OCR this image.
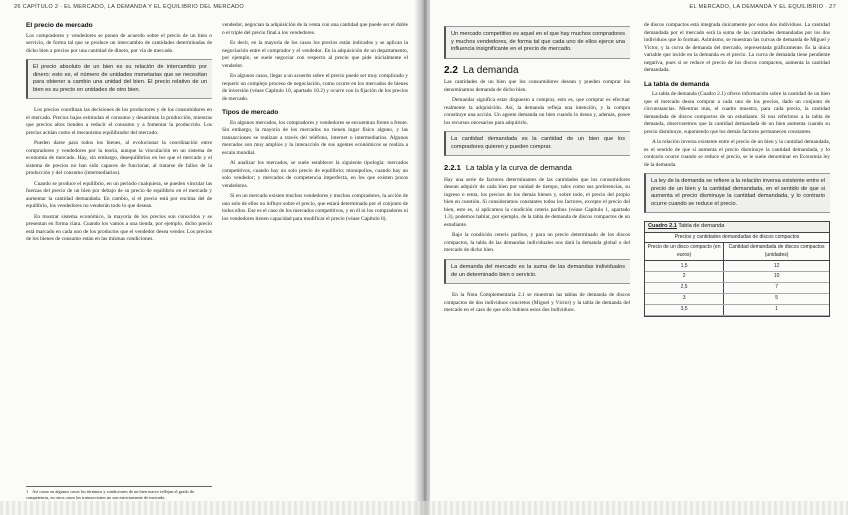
26 CAPÍTULO 2 · EL MERCADO, LA DEMANDA Y EL EQUILIBRIO DEL MERCADO
El precio de mercado

Los compradores y vendedores se ponen de acuerdo sobre el precio de un bien o servicio, de forma tal que se produce un intercambio de cantidades determinadas de dicho bien a precios por una cantidad de dinero, por vía de mercado.

El precio absoluto de un bien es su relación de intercambio por dinero; esto es, el número de unidades monetarias que se necesitan para obtener a cambio una unidad del bien. El precio relativo de un bien es su precio en unidades de otro bien.

Los precios coordinan las decisiones de los productores y de los consumidores en el mercado. Precios bajos estimulan el consumo y desaniman la producción, mientras que precios altos tienden a reducir el consumo y a fomentar la producción. Los precios actúan como el mecanismo equilibrador del mercado.

Pueden darse para todos los bienes, al evolucionar la coordinación entre compradores y vendedores por la teoría, aunque la vinculación en un sistema de economía de mercado. Hay, sin embargo, desequilibrios en los que el mercado y el sistema de precios no han sido capaces de funcionar, al tratarse de fallos de la producción y del consumo (intermediarios).

Cuando se produce el equilibrio, en un periodo cualquiera, se pueden vincular las fuerzas del precio de un bien por debajo de su precio de equilibrio en el mercado y aumentar la cantidad demandada. En cambio, si el precio está por encima del de equilibrio, los vendedores no venderán todo lo que desean.

En mostrar sistema económico, la mayoría de los precios son conocidos y se presentan en forma clara. Cuando los vamos a una tienda, por ejemplo, dicho precio está marcado en cada uno de los productos que el vendedor desea vender. Los precios de los bienes de consumo están en las mismas condiciones.

vendedor, negocian la adquisición de la venta con una cantidad que puede ser el doble o el triple del precio final a los vendedores.

Es decir, en la mayoría de los casos los precios están indicados y se aplican la negociación entre el comprador y el vendedor. En la adquisición de un departamento, por ejemplo, se suele negociar con respecto al precio que pide inicialmente el vendedor.

En algunos casos, llegar a un acuerdo sobre el precio puede ser muy complicado y requerir un complejo proceso de negociación, como ocurre en los mercados de bienes de inversión (véase Capítulo 10, apartado 10.2) y ocurre con la fijación de los precios de mercado.

Tipos de mercado

En algunos mercados, los compradores y vendedores se encuentran frente a frente. Sin embargo, la mayoría de los mercados no tienen lugar físico alguno, y las transacciones se realizan a través del teléfono, internet o intermediarios. Algunos mercados son muy amplios y la interacción de sus agentes económicos se realiza a escala mundial.

Al analizar los mercados, se suele establecer la siguiente tipología: mercados competitivos, cuando hay un solo precio de equilibrio; monopolios, cuando hay un solo vendedor; y mercados de competencia imperfecta, en los que existen pocos vendedores.

Si en un mercado existen muchos vendedores y muchos compradores, la acción de uno solo de ellos no influye sobre el precio, que estará determinado por el conjunto de todos ellos. Ese es el caso de los mercados competitivos, y en él ni los compradores ni los vendedores tienen capacidad para modificar el precio (véase Capítulo 6).

1 Así como en algunos casos los términos y condiciones de un bien nuevo reflejan el grado de competencia, en otros casos las transacciones no son estrictamente de mercado.
EL MERCADO, LA DEMANDA Y EL EQUILIBRIO · 27
Un mercado competitivo es aquel en el que hay muchos compradores y muchos vendedores, de forma tal que cada uno de ellos ejerce una influencia insignificante en el precio de mercado.
2.2 La demanda

Las cantidades de un bien que los consumidores desean y pueden comprar los denominamos demanda de dicho bien.

Demandar significa estar dispuesto a comprar, esto es, que comprar es efectuar realmente la adquisición. Así, la demanda refleja una intención, y la compra constituye una acción. Un agente demanda un bien cuando lo desea y, además, posee los recursos necesarios para adquirirlo.

La cantidad demandada es la cantidad de un bien que los compradores quieren y pueden comprar.
2.2.1 La tabla y la curva de demanda

Hay una serie de factores determinantes de las cantidades que los consumidores desean adquirir de cada bien por unidad de tiempo, tales como sus preferencias, su ingreso o renta, los precios de los demás bienes y, sobre todo, el precio del propio bien en cuestión. Si consideramos constantes todos los factores, excepto el precio del bien, esto es, si aplicamos la condición ceteris paribus (véase Capítulo 1, apartado 1.3), podemos hablar, por ejemplo, de la tabla de demanda de discos compactos de un estudiante.

Bajo la condición ceteris paribus, y para un precio determinado de los discos compactos, la tabla de las demandas individuales nos dará la demanda global o del mercado de dicho bien.

La demanda del mercado es la suma de las demandas individuales de un determinado bien o servicio.

En la Nota Complementaria 2.1 se muestran las tablas de demanda de discos compactos de dos individuos concretos (Miguel y Víctor) y la tabla de demanda del mercado en el caso de que sólo hubiera estos dos individuos.

de discos compactos está integrada únicamente por estos dos individuos. La cantidad demandada por el mercado será la suma de las cantidades demandadas por los dos individuos que lo forman. Asimismo, se muestran las curvas de demanda de Miguel y Víctor, y la curva de demanda del mercado, representada gráficamente. Es la única variable que incide en la demanda es el precio. La curva de demanda tiene pendiente negativa, pues si se reduce el precio de los discos compactos, aumenta la cantidad demandada.

La tabla de demanda

La tabla de demanda (Cuadro 2.1) ofrece información sobre la cantidad de un bien que el mercado desea comprar a cada uno de los precios, dado un conjunto de circunstancias. Mientras más, el cuadro muestra, para cada precio, la cantidad demandada de discos compactos de un estudiante. Si nos referimos a la tabla de demanda, observaremos que la cantidad demandada de un bien aumenta cuando su precio disminuye, suponiendo que los demás factores permanecen constantes.

A la relación inversa existente entre el precio de un bien y la cantidad demandada, es el sentido de que si aumenta el precio disminuye la cantidad demandada, y lo contrario ocurre cuando se reduce el precio, se le suele denominar en Economía ley de la demanda.

La ley de la demanda se refiere a la relación inversa existente entre el precio de un bien y la cantidad demandada, en el sentido de que si aumenta el precio disminuye la cantidad demandada, y lo contrario ocurre cuando se reduce el precio.
Cuadro 2.1 Tabla de demanda
Precios y cantidades demandadas de discos compactos
Precio de un disco compacto (en euros)	Cantidad demandada de discos compactos (unidades)
1,5	12
2	10
2,5	7
3	5
3,5	1
